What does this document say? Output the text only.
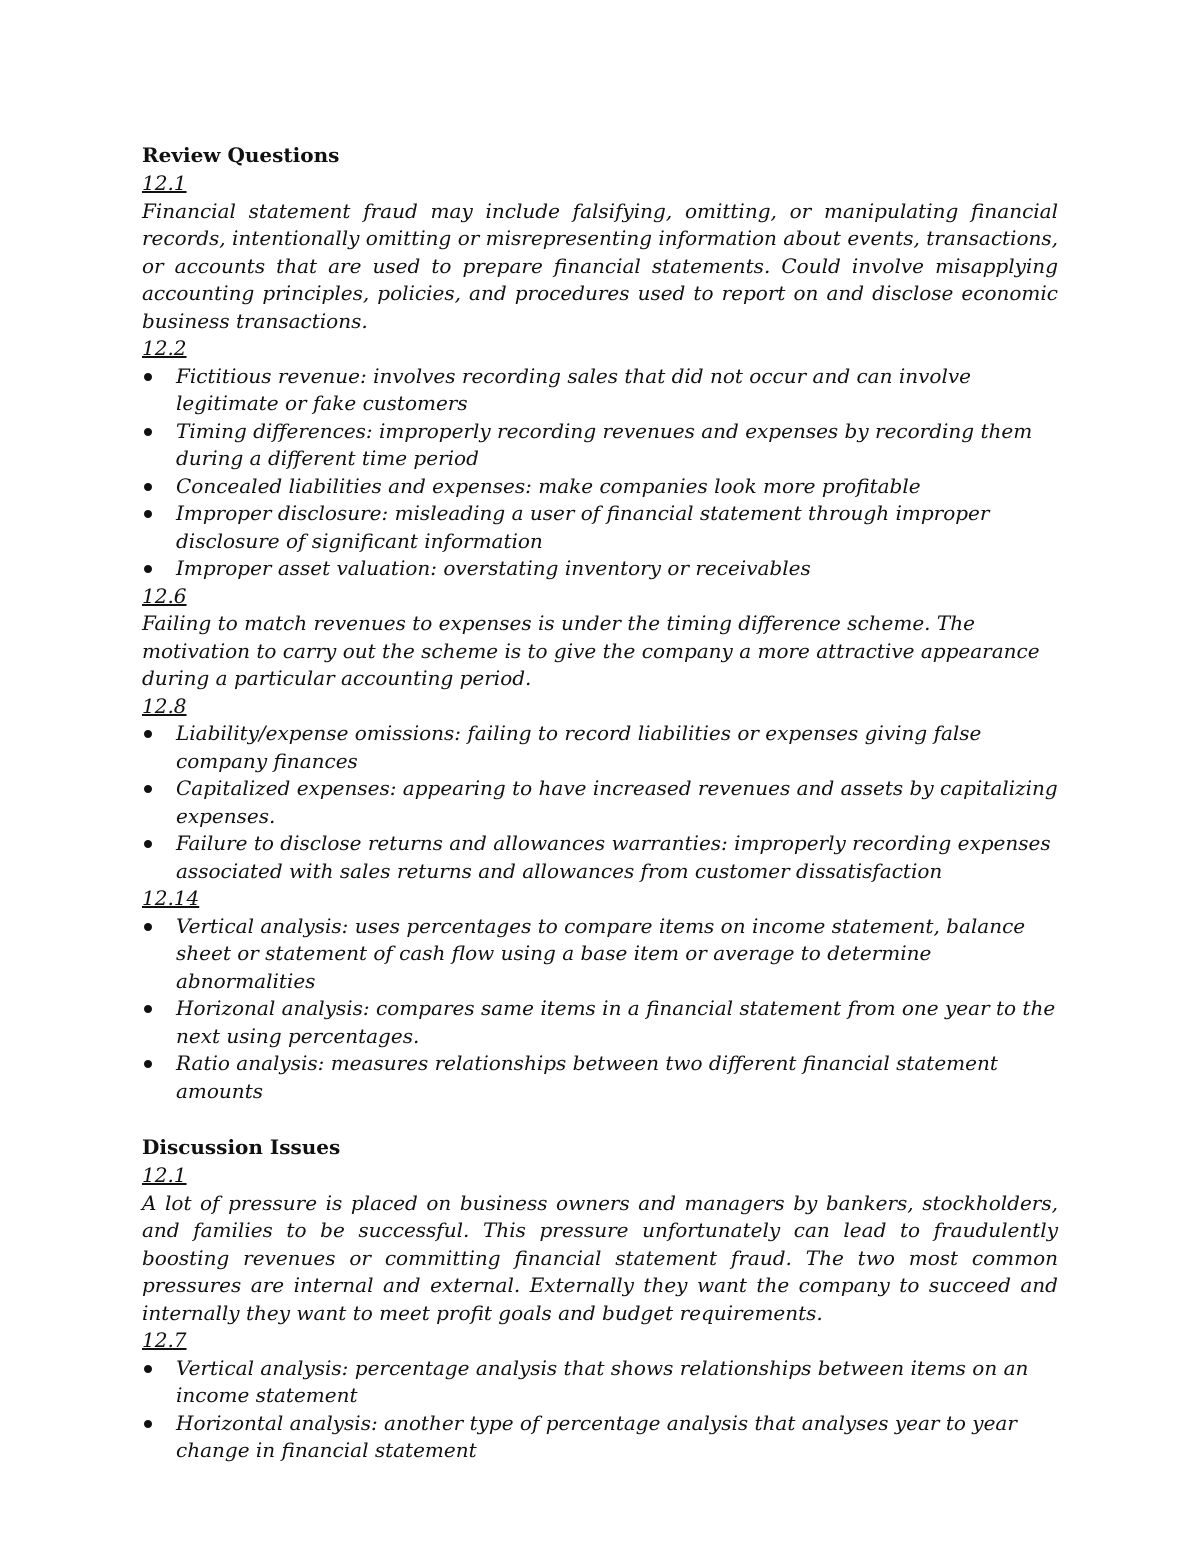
Review Questions

12.1

Financial statement fraud may include falsifying, omitting, or manipulating financial records, intentionally omitting or misrepresenting information about events, transactions, or accounts that are used to prepare financial statements. Could involve misapplying accounting principles, policies, and procedures used to report on and disclose economic business transactions.

12.2

Fictitious revenue: involves recording sales that did not occur and can involve legitimate or fake customers
Timing differences: improperly recording revenues and expenses by recording them during a different time period
Concealed liabilities and expenses: make companies look more profitable
Improper disclosure: misleading a user of financial statement through improper disclosure of significant information
Improper asset valuation: overstating inventory or receivables

12.6

Failing to match revenues to expenses is under the timing difference scheme. The motivation to carry out the scheme is to give the company a more attractive appearance during a particular accounting period.

12.8

Liability/expense omissions: failing to record liabilities or expenses giving false company finances
Capitalized expenses: appearing to have increased revenues and assets by capitalizing expenses.
Failure to disclose returns and allowances warranties: improperly recording expenses associated with sales returns and allowances from customer dissatisfaction

12.14

Vertical analysis: uses percentages to compare items on income statement, balance sheet or statement of cash flow using a base item or average to determine abnormalities
Horizonal analysis: compares same items in a financial statement from one year to the next using percentages.
Ratio analysis: measures relationships between two different financial statement amounts

Discussion Issues

12.1

A lot of pressure is placed on business owners and managers by bankers, stockholders, and families to be successful. This pressure unfortunately can lead to fraudulently boosting revenues or committing financial statement fraud. The two most common pressures are internal and external. Externally they want the company to succeed and internally they want to meet profit goals and budget requirements.

12.7

Vertical analysis: percentage analysis that shows relationships between items on an income statement
Horizontal analysis: another type of percentage analysis that analyses year to year change in financial statement
